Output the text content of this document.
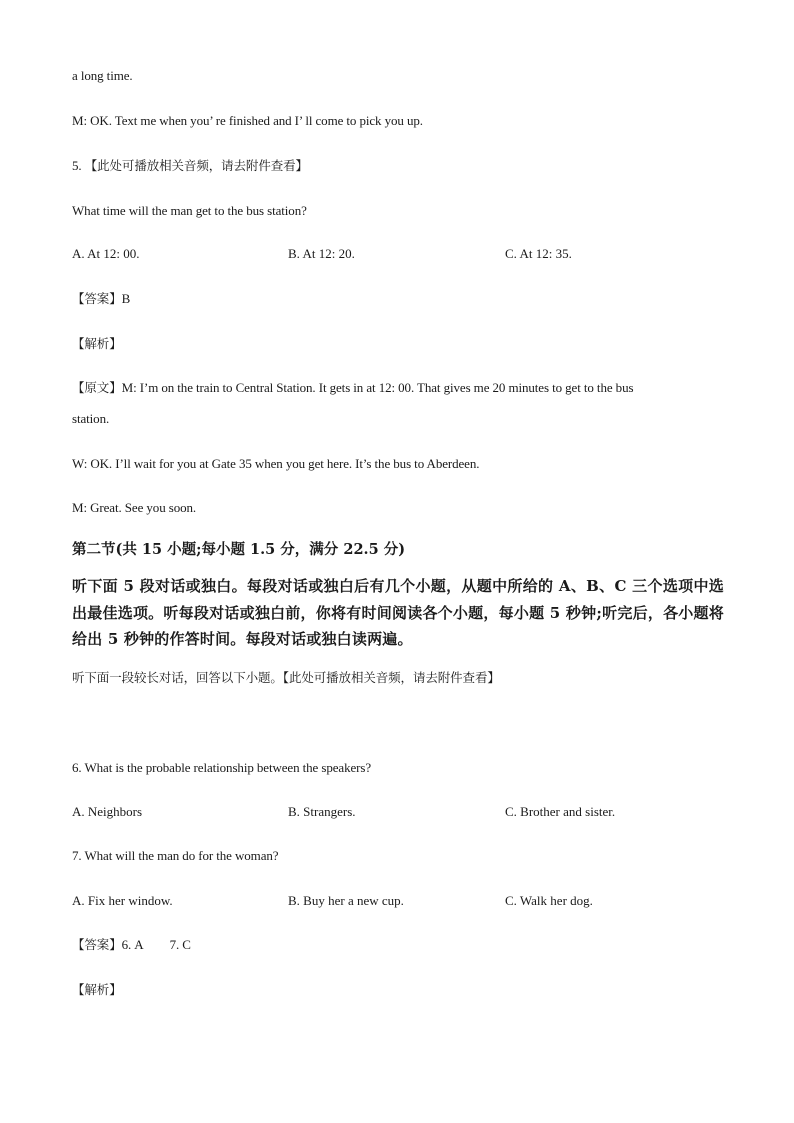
a long time.
M: OK. Text me when you’ re finished and I’ ll come to pick you up.
5. 【此处可播放相关音频，请去附件查看】
What time will the man get to the bus station?
A. At 12: 00.	B. At 12: 20.	C. At 12: 35.
【答案】B
【解析】
【原文】M: I’m on the train to Central Station. It gets in at 12: 00. That gives me 20 minutes to get to the bus
station.
W: OK. I’ll wait for you at Gate 35 when you get here. It’s the bus to Aberdeen.
M: Great. See you soon.
第二节(共 15 小题;每小题 1.5 分，满分 22.5 分)
听下面 5 段对话或独白。每段对话或独白后有几个小题，从题中所给的 A、B、C 三个选项中选出最佳选项。听每段对话或独白前，你将有时间阅读各个小题，每小题 5 秒钟;听完后，各小题将给出 5 秒钟的作答时间。每段对话或独白读两遍。
听下面一段较长对话，回答以下小题。【此处可播放相关音频，请去附件查看】
6. What is the probable relationship between the speakers?
A. Neighbors	B. Strangers.	C. Brother and sister.
7. What will the man do for the woman?
A. Fix her window.	B. Buy her a new cup.	C. Walk her dog.
【答案】6. A 7. C
【解析】
